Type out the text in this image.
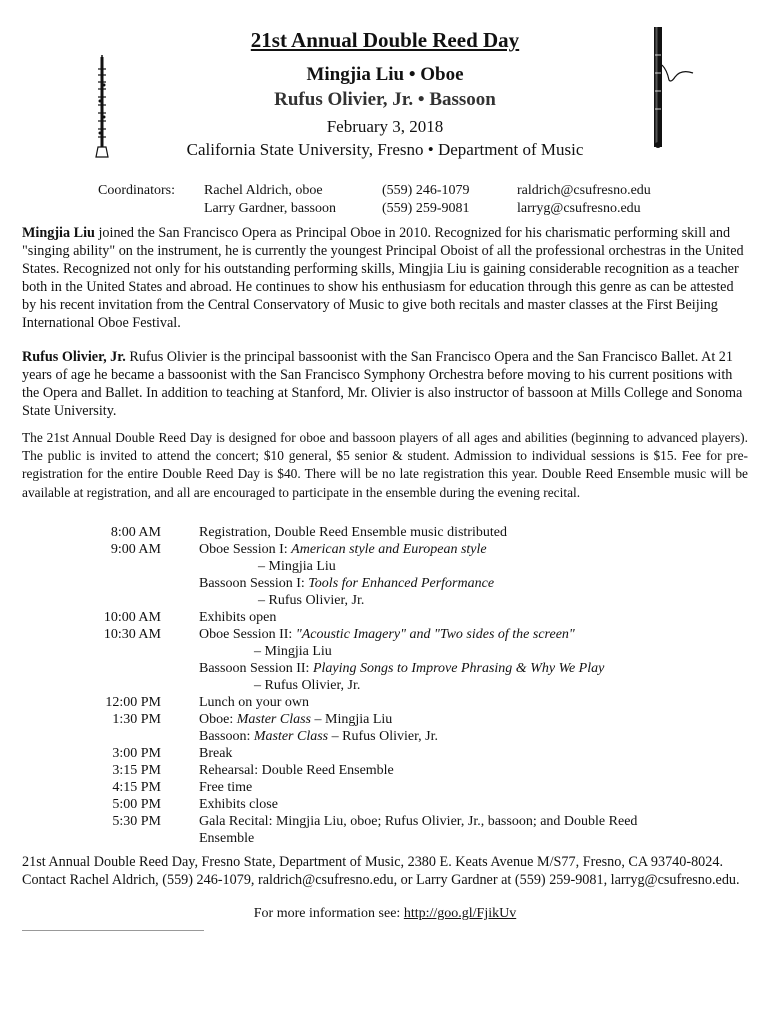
21st Annual Double Reed Day
Mingjia Liu • Oboe
Rufus Olivier, Jr. • Bassoon
February 3, 2018
California State University, Fresno • Department of Music
Coordinators: Rachel Aldrich, oboe	(559) 246-1079	raldrich@csufresno.edu
Larry Gardner, bassoon	(559) 259-9081	larryg@csufresno.edu
Mingjia Liu joined the San Francisco Opera as Principal Oboe in 2010. Recognized for his charismatic performing skill and "singing ability" on the instrument, he is currently the youngest Principal Oboist of all the professional orchestras in the United States. Recognized not only for his outstanding performing skills, Mingjia Liu is gaining considerable recognition as a teacher both in the United States and abroad. He continues to show his enthusiasm for education through this genre as can be attested by his recent invitation from the Central Conservatory of Music to give both recitals and master classes at the First Beijing International Oboe Festival.
Rufus Olivier, Jr. Rufus Olivier is the principal bassoonist with the San Francisco Opera and the San Francisco Ballet. At 21 years of age he became a bassoonist with the San Francisco Symphony Orchestra before moving to his current positions with the Opera and Ballet. In addition to teaching at Stanford, Mr. Olivier is also instructor of bassoon at Mills College and Sonoma State University.
The 21st Annual Double Reed Day is designed for oboe and bassoon players of all ages and abilities (beginning to advanced players). The public is invited to attend the concert; $10 general, $5 senior & student. Admission to individual sessions is $15. Fee for pre-registration for the entire Double Reed Day is $40. There will be no late registration this year. Double Reed Ensemble music will be available at registration, and all are encouraged to participate in the ensemble during the evening recital.
8:00 AM	Registration, Double Reed Ensemble music distributed
9:00 AM	Oboe Session I: American style and European style
– Mingjia Liu
Bassoon Session I: Tools for Enhanced Performance
– Rufus Olivier, Jr.
10:00 AM	Exhibits open
10:30 AM	Oboe Session II: "Acoustic Imagery" and "Two sides of the screen"
– Mingjia Liu
Bassoon Session II: Playing Songs to Improve Phrasing & Why We Play
– Rufus Olivier, Jr.
12:00 PM	Lunch on your own
1:30 PM	Oboe: Master Class – Mingjia Liu
Bassoon: Master Class – Rufus Olivier, Jr.
3:00 PM	Break
3:15 PM	Rehearsal: Double Reed Ensemble
4:15 PM	Free time
5:00 PM	Exhibits close
5:30 PM	Gala Recital: Mingjia Liu, oboe; Rufus Olivier, Jr., bassoon; and Double Reed
Ensemble
21st Annual Double Reed Day, Fresno State, Department of Music, 2380 E. Keats Avenue M/S77, Fresno, CA 93740-8024. Contact Rachel Aldrich, (559) 246-1079, raldrich@csufresno.edu, or Larry Gardner at (559) 259-9081, larryg@csufresno.edu.
For more information see: http://goo.gl/FjikUv
